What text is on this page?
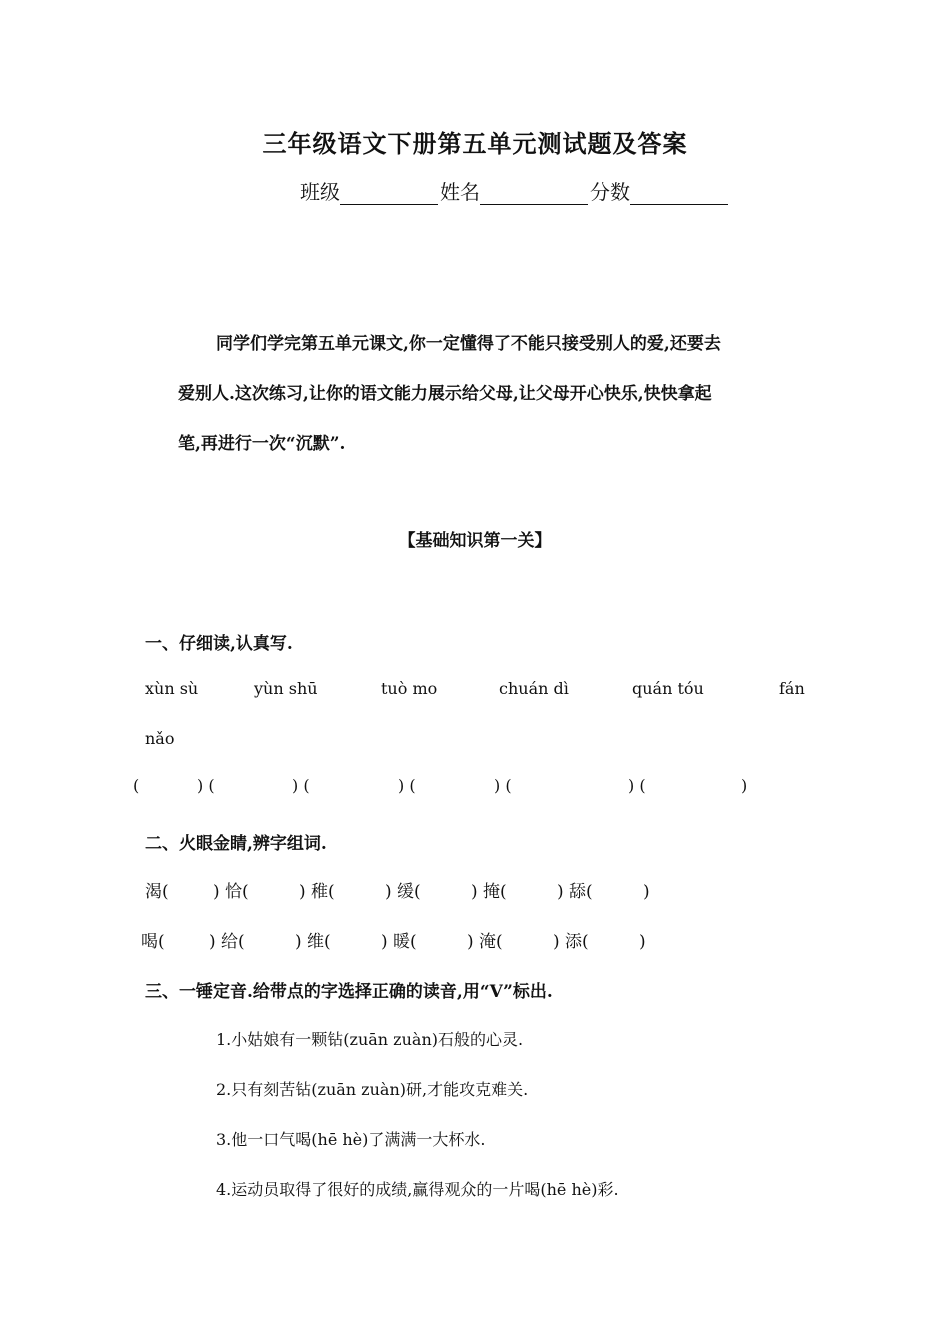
三年级语文下册第五单元测试题及答案
班级	姓名	分数
同学们学完第五单元课文,你一定懂得了不能只接受别人的爱,还要去
爱别人.这次练习,让你的语文能力展示给父母,让父母开心快乐,快快拿起
笔,再进行一次“沉默”.
【基础知识第一关】
一、仔细读,认真写.
xùn sù	yùn shū	tuò mo	chuán dì	quán tóu	fán
nǎo
(	) (	) (	) (	) (	) (	)
二、火眼金睛,辨字组词.
渴(	) 恰(	) 稚(	) 缓(	) 掩(	) 舔(	)
喝(	) 给(	) 维(	) 暖(	) 淹(	) 添(	)
三、一锤定音.给带点的字选择正确的读音,用“V”标出.
1.小姑娘有一颗钻(zuān zuàn)石般的心灵.
2.只有刻苦钻(zuān zuàn)研,才能攻克难关.
3.他一口气喝(hē hè)了满满一大杯水.
4.运动员取得了很好的成绩,赢得观众的一片喝(hē hè)彩.
